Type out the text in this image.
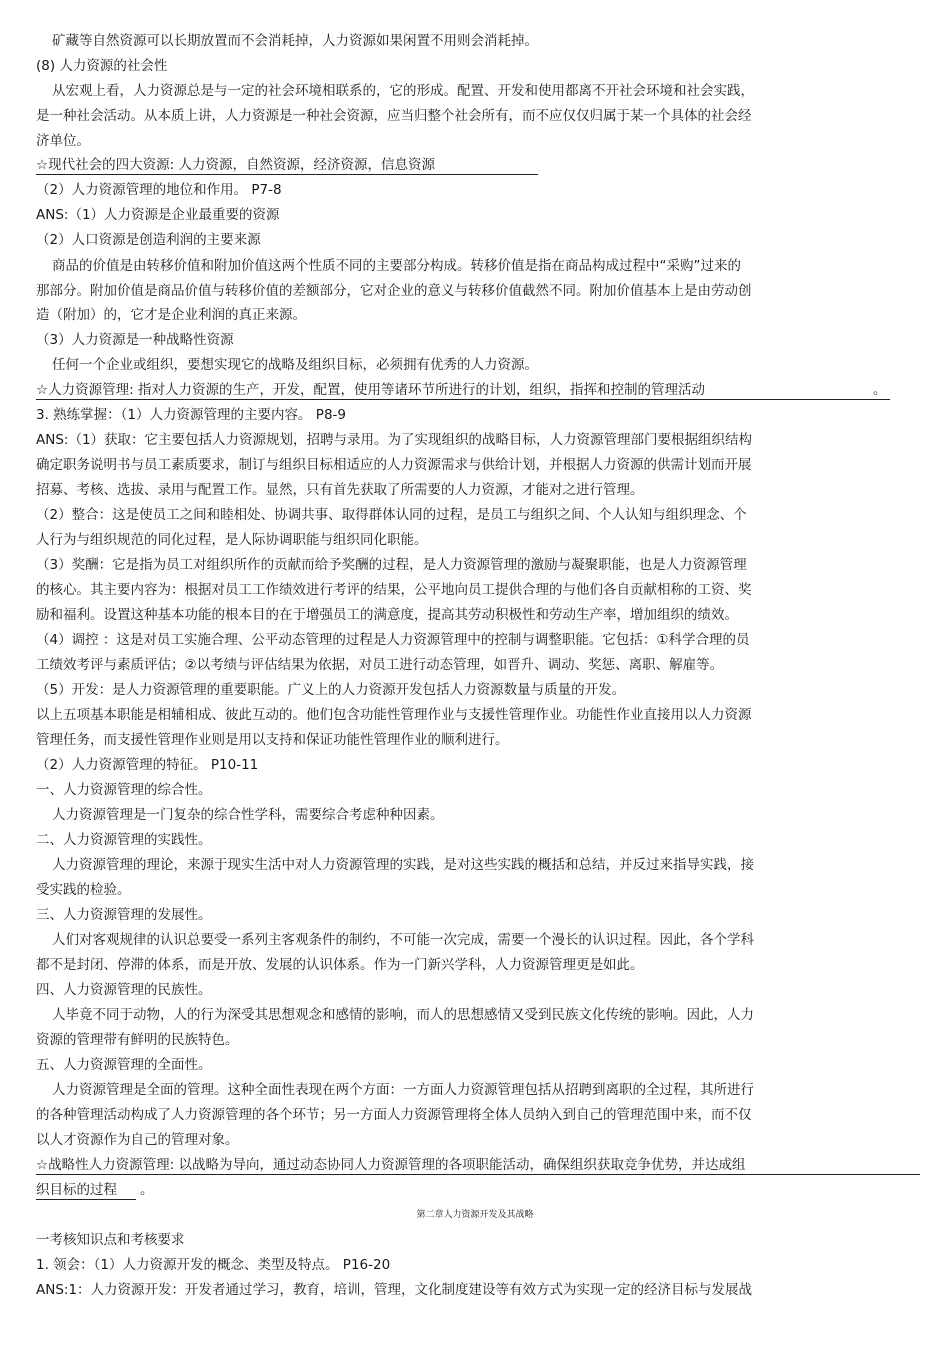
矿藏等自然资源可以长期放置而不会消耗掉，人力资源如果闲置不用则会消耗掉。
(8) 人力资源的社会性
从宏观上看，人力资源总是与一定的社会环境相联系的，它的形成。配置、开发和使用都离不开社会环境和社会实践，
是一种社会活动。从本质上讲，人力资源是一种社会资源，应当归整个社会所有，而不应仅仅归属于某一个具体的社会经
济单位。
☆现代社会的四大资源: 人力资源，自然资源，经济资源，信息资源
（2）人力资源管理的地位和作用。 P7-8
ANS:（1）人力资源是企业最重要的资源
（2）人口资源是创造利润的主要来源
商品的价值是由转移价值和附加价值这两个性质不同的主要部分构成。转移价值是指在商品构成过程中“采购”过来的
那部分。附加价值是商品价值与转移价值的差额部分，它对企业的意义与转移价值截然不同。附加价值基本上是由劳动创
造（附加）的，它才是企业利润的真正来源。
（3）人力资源是一种战略性资源
任何一个企业或组织，要想实现它的战略及组织目标，必须拥有优秀的人力资源。
☆人力资源管理: 指对人力资源的生产，开发，配置，使用等诸环节所进行的计划，组织，指挥和控制的管理活动	。
3. 熟练掌握：（1）人力资源管理的主要内容。 P8-9
ANS:（1）获取：它主要包括人力资源规划，招聘与录用。为了实现组织的战略目标，人力资源管理部门要根据组织结构
确定职务说明书与员工素质要求，制订与组织目标相适应的人力资源需求与供给计划，并根据人力资源的供需计划而开展
招募、考核、选拔、录用与配置工作。显然，只有首先获取了所需要的人力资源，才能对之进行管理。
（2）整合：这是使员工之间和睦相处、协调共事、取得群体认同的过程，是员工与组织之间、个人认知与组织理念、个
人行为与组织规范的同化过程，是人际协调职能与组织同化职能。
（3）奖酬：它是指为员工对组织所作的贡献而给予奖酬的过程，是人力资源管理的激励与凝聚职能，也是人力资源管理
的核心。其主要内容为：根据对员工工作绩效进行考评的结果，公平地向员工提供合理的与他们各自贡献相称的工资、奖
励和福利。设置这种基本功能的根本目的在于增强员工的满意度，提高其劳动积极性和劳动生产率，增加组织的绩效。
（4）调控 ：这是对员工实施合理、公平动态管理的过程是人力资源管理中的控制与调整职能。它包括：①科学合理的员
工绩效考评与素质评估；②以考绩与评估结果为依据，对员工进行动态管理，如晋升、调动、奖惩、离职、解雇等。
（5）开发：是人力资源管理的重要职能。广义上的人力资源开发包括人力资源数量与质量的开发。
以上五项基本职能是相辅相成、彼此互动的。他们包含功能性管理作业与支援性管理作业。功能性作业直接用以人力资源
管理任务，而支援性管理作业则是用以支持和保证功能性管理作业的顺利进行。
（2）人力资源管理的特征。 P10-11
一、人力资源管理的综合性。
人力资源管理是一门复杂的综合性学科，需要综合考虑种种因素。
二、人力资源管理的实践性。
人力资源管理的理论，来源于现实生活中对人力资源管理的实践，是对这些实践的概括和总结，并反过来指导实践，接
受实践的检验。
三、人力资源管理的发展性。
人们对客观规律的认识总要受一系列主客观条件的制约，不可能一次完成，需要一个漫长的认识过程。因此，各个学科
都不是封闭、停滞的体系，而是开放、发展的认识体系。作为一门新兴学科，人力资源管理更是如此。
四、人力资源管理的民族性。
人毕竟不同于动物，人的行为深受其思想观念和感情的影响，而人的思想感情又受到民族文化传统的影响。因此，人力
资源的管理带有鲜明的民族特色。
五、人力资源管理的全面性。
人力资源管理是全面的管理。这种全面性表现在两个方面：一方面人力资源管理包括从招聘到离职的全过程，其所进行
的各种管理活动构成了人力资源管理的各个环节；另一方面人力资源管理将全体人员纳入到自己的管理范围中来，而不仅
以人才资源作为自己的管理对象。
☆战略性人力资源管理: 以战略为导向，通过动态协同人力资源管理的各项职能活动，确保组织获取竞争优势，并达成组
织目标的过程	。
第二章人力资源开发及其战略
一考核知识点和考核要求
1. 领会：（1）人力资源开发的概念、类型及特点。 P16-20
ANS:1：人力资源开发：开发者通过学习，教育，培训，管理，文化制度建设等有效方式为实现一定的经济目标与发展战
